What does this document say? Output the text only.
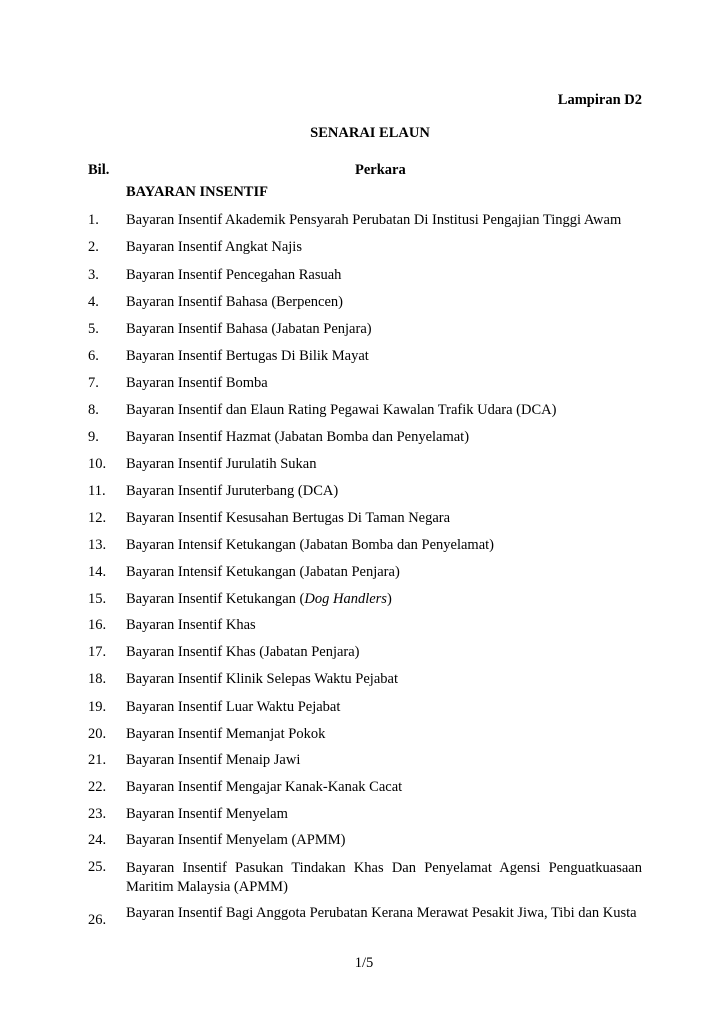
Lampiran D2
SENARAI ELAUN
Bil.	Perkara
BAYARAN INSENTIF
1. Bayaran Insentif Akademik Pensyarah Perubatan Di Institusi Pengajian Tinggi Awam
2. Bayaran Insentif Angkat Najis
3. Bayaran Insentif Pencegahan Rasuah
4. Bayaran Insentif Bahasa (Berpencen)
5. Bayaran Insentif Bahasa (Jabatan Penjara)
6. Bayaran Insentif Bertugas Di Bilik Mayat
7. Bayaran Insentif Bomba
8. Bayaran Insentif dan Elaun Rating Pegawai Kawalan Trafik Udara (DCA)
9. Bayaran Insentif Hazmat (Jabatan Bomba dan Penyelamat)
10. Bayaran Insentif Jurulatih Sukan
11. Bayaran Insentif Juruterbang (DCA)
12. Bayaran Insentif Kesusahan Bertugas Di Taman Negara
13. Bayaran Intensif Ketukangan (Jabatan Bomba dan Penyelamat)
14. Bayaran Intensif Ketukangan (Jabatan Penjara)
15. Bayaran Insentif Ketukangan (Dog Handlers)
16. Bayaran Insentif Khas
17. Bayaran Insentif Khas (Jabatan Penjara)
18. Bayaran Insentif Klinik Selepas Waktu Pejabat
19. Bayaran Insentif Luar Waktu Pejabat
20. Bayaran Insentif Memanjat Pokok
21. Bayaran Insentif Menaip Jawi
22. Bayaran Insentif Mengajar Kanak-Kanak Cacat
23. Bayaran Insentif Menyelam
24. Bayaran Insentif Menyelam (APMM)
25. Bayaran Insentif Pasukan Tindakan Khas Dan Penyelamat Agensi Penguatkuasaan Maritim Malaysia (APMM)
26. Bayaran Insentif Bagi Anggota Perubatan Kerana Merawat Pesakit Jiwa, Tibi dan Kusta
1/5
